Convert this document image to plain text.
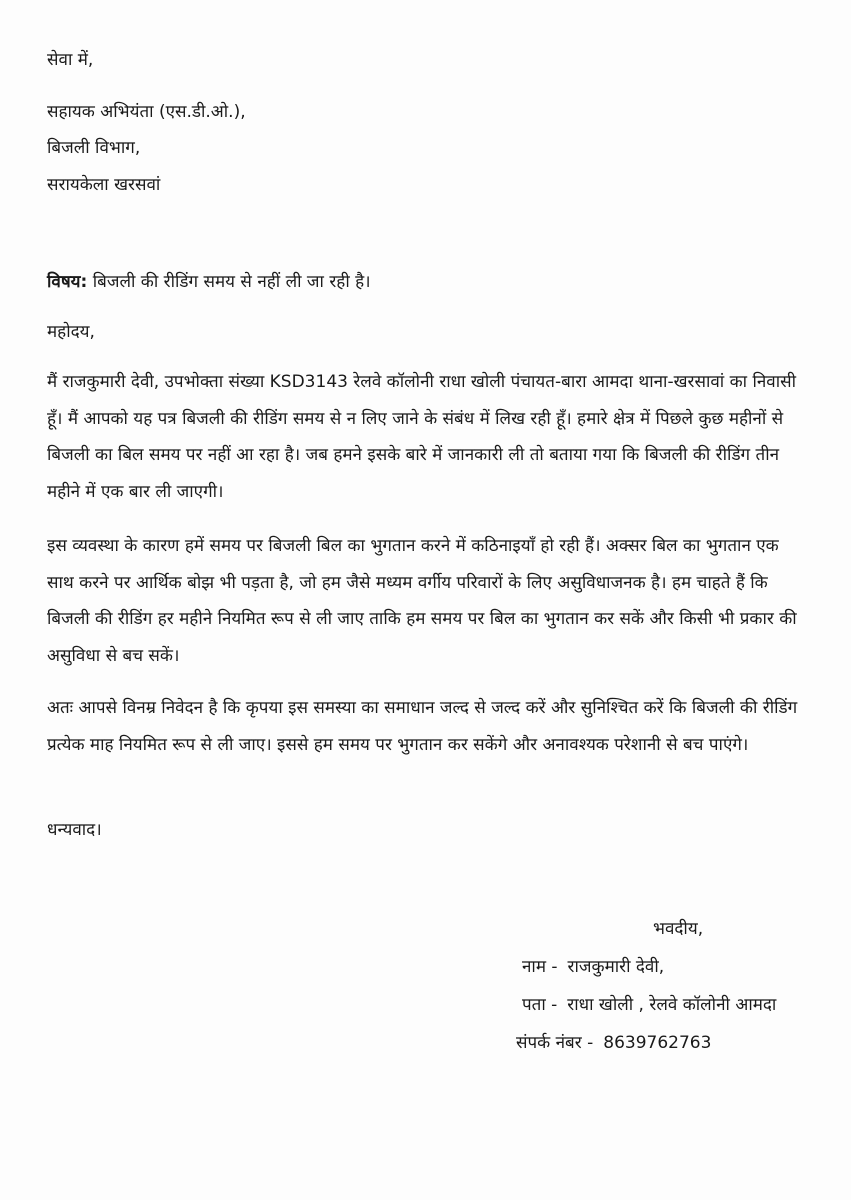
सेवा में,
सहायक अभियंता (एस.डी.ओ.),
बिजली विभाग,
सरायकेला खरसवां
विषय: बिजली की रीडिंग समय से नहीं ली जा रही है।
महोदय,

मैं राजकुमारी देवी, उपभोक्ता संख्या KSD3143 रेलवे कॉलोनी राधा खोली पंचायत-बारा आमदा थाना-खरसावां का निवासी हूँ। मैं आपको यह पत्र बिजली की रीडिंग समय से न लिए जाने के संबंध में लिख रही हूँ। हमारे क्षेत्र में पिछले कुछ महीनों से बिजली का बिल समय पर नहीं आ रहा है। जब हमने इसके बारे में जानकारी ली तो बताया गया कि बिजली की रीडिंग तीन महीने में एक बार ली जाएगी।

इस व्यवस्था के कारण हमें समय पर बिजली बिल का भुगतान करने में कठिनाइयाँ हो रही हैं। अक्सर बिल का भुगतान एक साथ करने पर आर्थिक बोझ भी पड़ता है, जो हम जैसे मध्यम वर्गीय परिवारों के लिए असुविधाजनक है। हम चाहते हैं कि बिजली की रीडिंग हर महीने नियमित रूप से ली जाए ताकि हम समय पर बिल का भुगतान कर सकें और किसी भी प्रकार की असुविधा से बच सकें।

अतः आपसे विनम्र निवेदन है कि कृपया इस समस्या का समाधान जल्द से जल्द करें और सुनिश्चित करें कि बिजली की रीडिंग प्रत्येक माह नियमित रूप से ली जाए। इससे हम समय पर भुगतान कर सकेंगे और अनावश्यक परेशानी से बच पाएंगे।

धन्यवाद।
भवदीय,
नाम - राजकुमारी देवी,
पता - राधा खोली , रेलवे कॉलोनी आमदा
संपर्क नंबर - 8639762763
